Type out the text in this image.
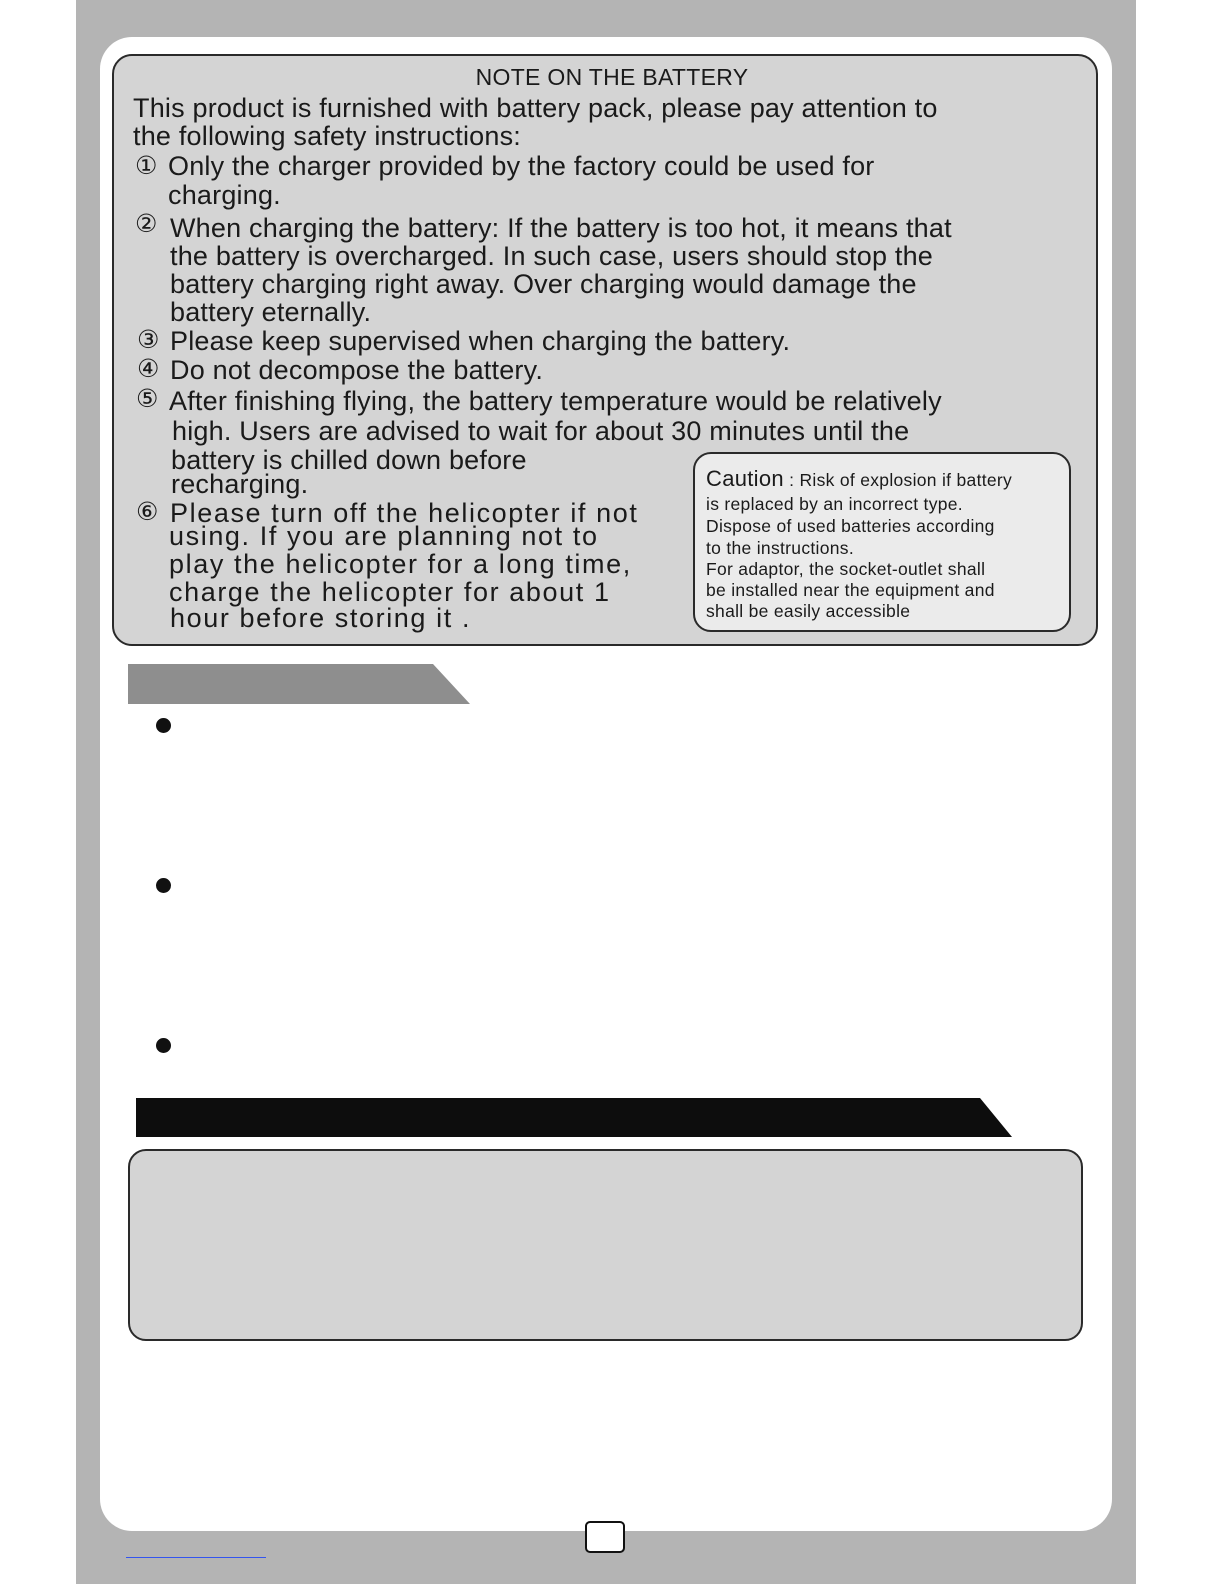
NOTE ON THE BATTERY
This product is furnished with battery pack, please pay attention to
the following safety instructions:
① Only the charger provided by the factory could be used for
charging.
② When charging the battery: If the battery is too hot, it means that
the battery is overcharged. In such case, users should stop the
battery charging right away. Over charging would damage the
battery eternally.
③ Please keep supervised when charging the battery.
④ Do not decompose the battery.
⑤ After finishing flying, the battery temperature would be relatively
high. Users are advised to wait for about 30 minutes until the
battery is chilled down before
recharging.
⑥ Please turn off the helicopter if not
using. If you are planning not to
play the helicopter for a long time,
charge the helicopter for about 1
hour before storing it .
Caution : Risk of explosion if battery
is replaced by an incorrect type.
Dispose of used batteries according
to the instructions.
For adaptor, the socket-outlet shall
be installed near the equipment and
shall be easily accessible
